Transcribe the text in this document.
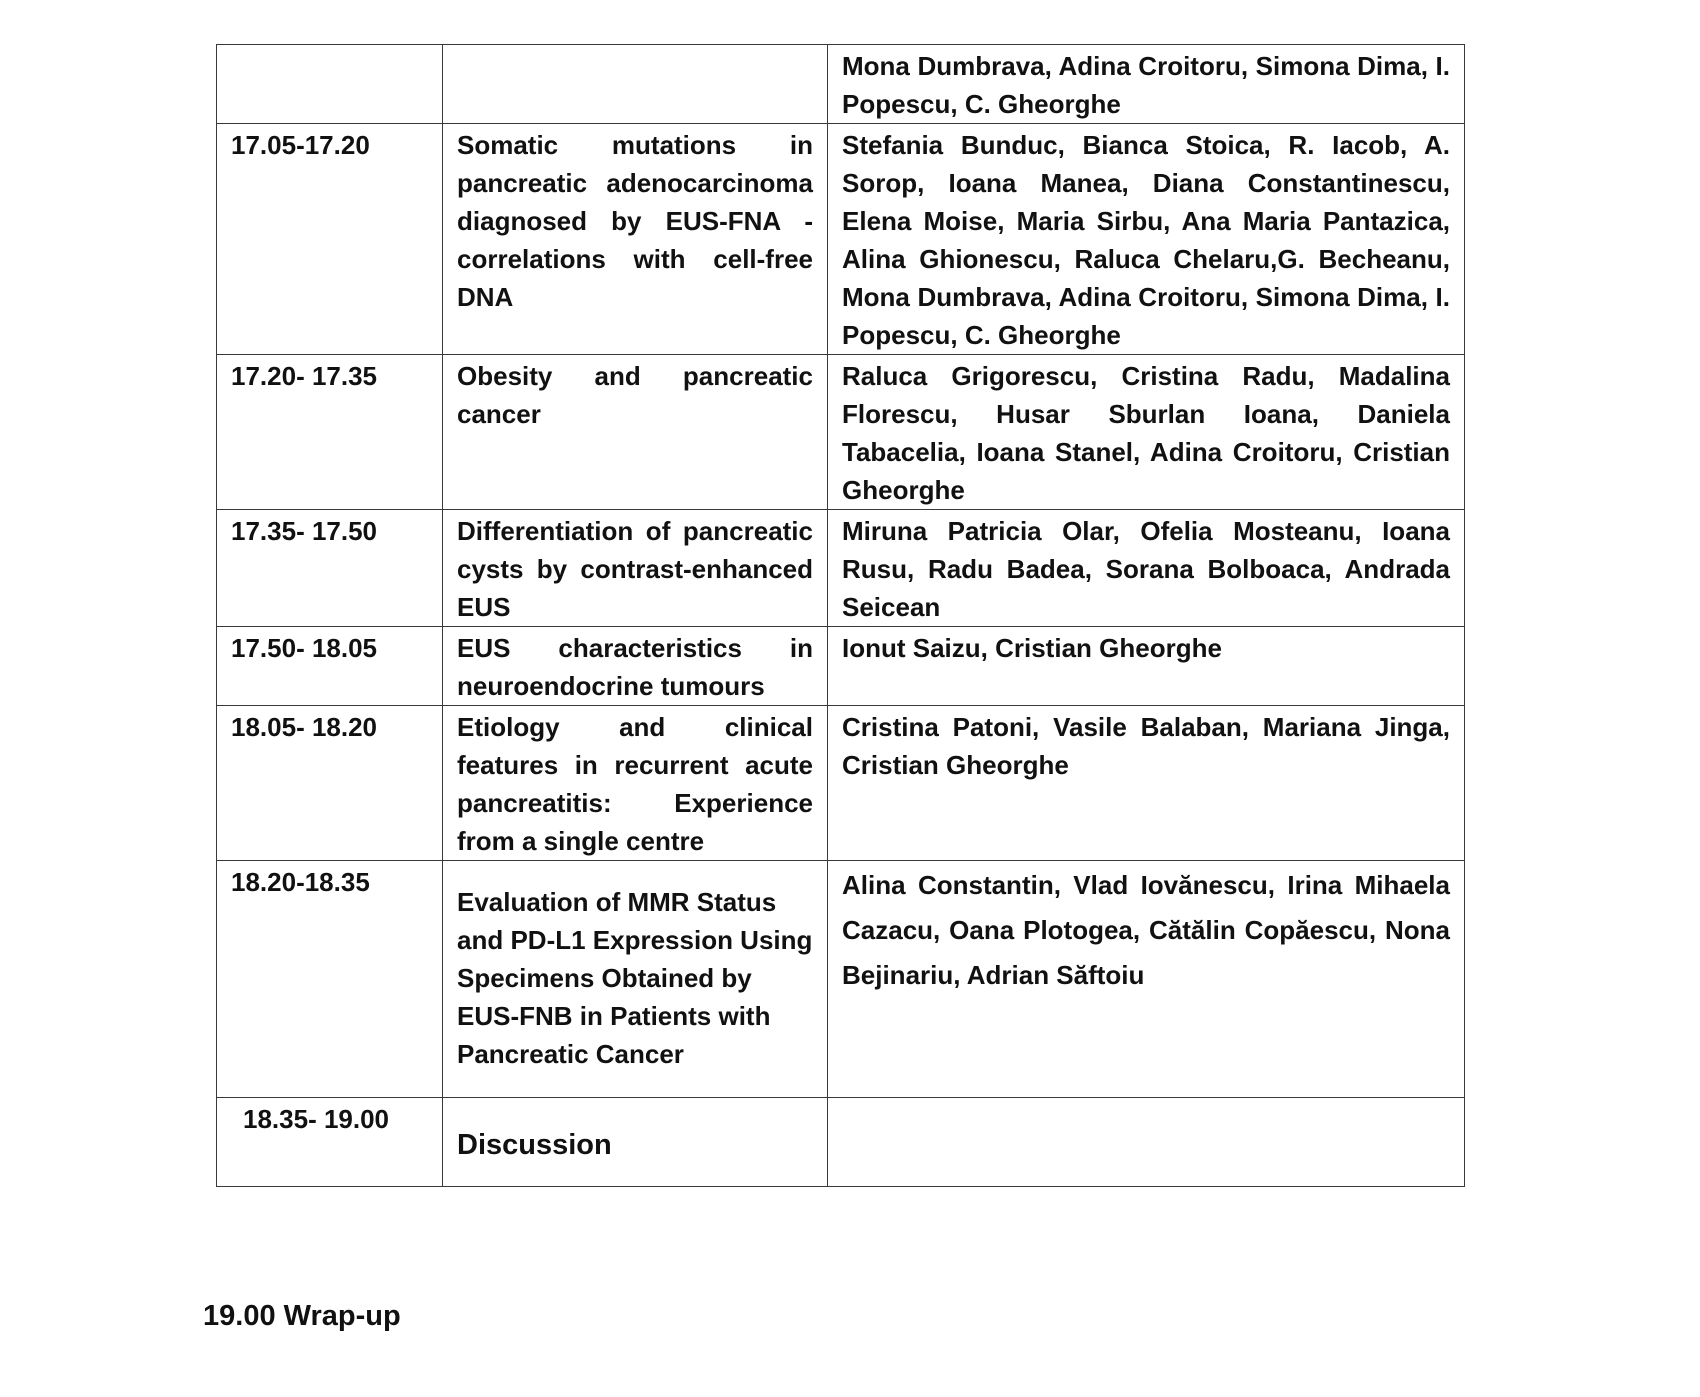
		Mona Dumbrava, Adina Croitoru, Simona Dima, I. Popescu, C. Gheorghe
17.05-17.20	Somatic mutations in pancreatic adenocarcinoma diagnosed by EUS-FNA - correlations with cell-free DNA	Stefania Bunduc, Bianca Stoica, R. Iacob, A. Sorop, Ioana Manea, Diana Constantinescu, Elena Moise, Maria Sirbu, Ana Maria Pantazica, Alina Ghionescu, Raluca Chelaru,G. Becheanu, Mona Dumbrava, Adina Croitoru, Simona Dima, I. Popescu, C. Gheorghe
17.20- 17.35	Obesity and pancreatic cancer	Raluca Grigorescu, Cristina Radu, Madalina Florescu, Husar Sburlan Ioana, Daniela Tabacelia, Ioana Stanel, Adina Croitoru, Cristian Gheorghe
17.35- 17.50	Differentiation of pancreatic cysts by contrast-enhanced EUS	Miruna Patricia Olar, Ofelia Mosteanu, Ioana Rusu, Radu Badea, Sorana Bolboaca, Andrada Seicean
17.50- 18.05	EUS characteristics in neuroendocrine tumours	Ionut Saizu, Cristian Gheorghe
18.05- 18.20	Etiology and clinical features in recurrent acute pancreatitis: Experience from a single centre	Cristina Patoni, Vasile Balaban, Mariana Jinga, Cristian Gheorghe
18.20-18.35	Evaluation of MMR Status and PD-L1 Expression Using Specimens Obtained by EUS-FNB in Patients with Pancreatic Cancer	Alina Constantin, Vlad Iovănescu, Irina Mihaela Cazacu, Oana Plotogea, Cătălin Copăescu, Nona Bejinariu, Adrian Săftoiu
18.35- 19.00	Discussion	
19.00 Wrap-up
